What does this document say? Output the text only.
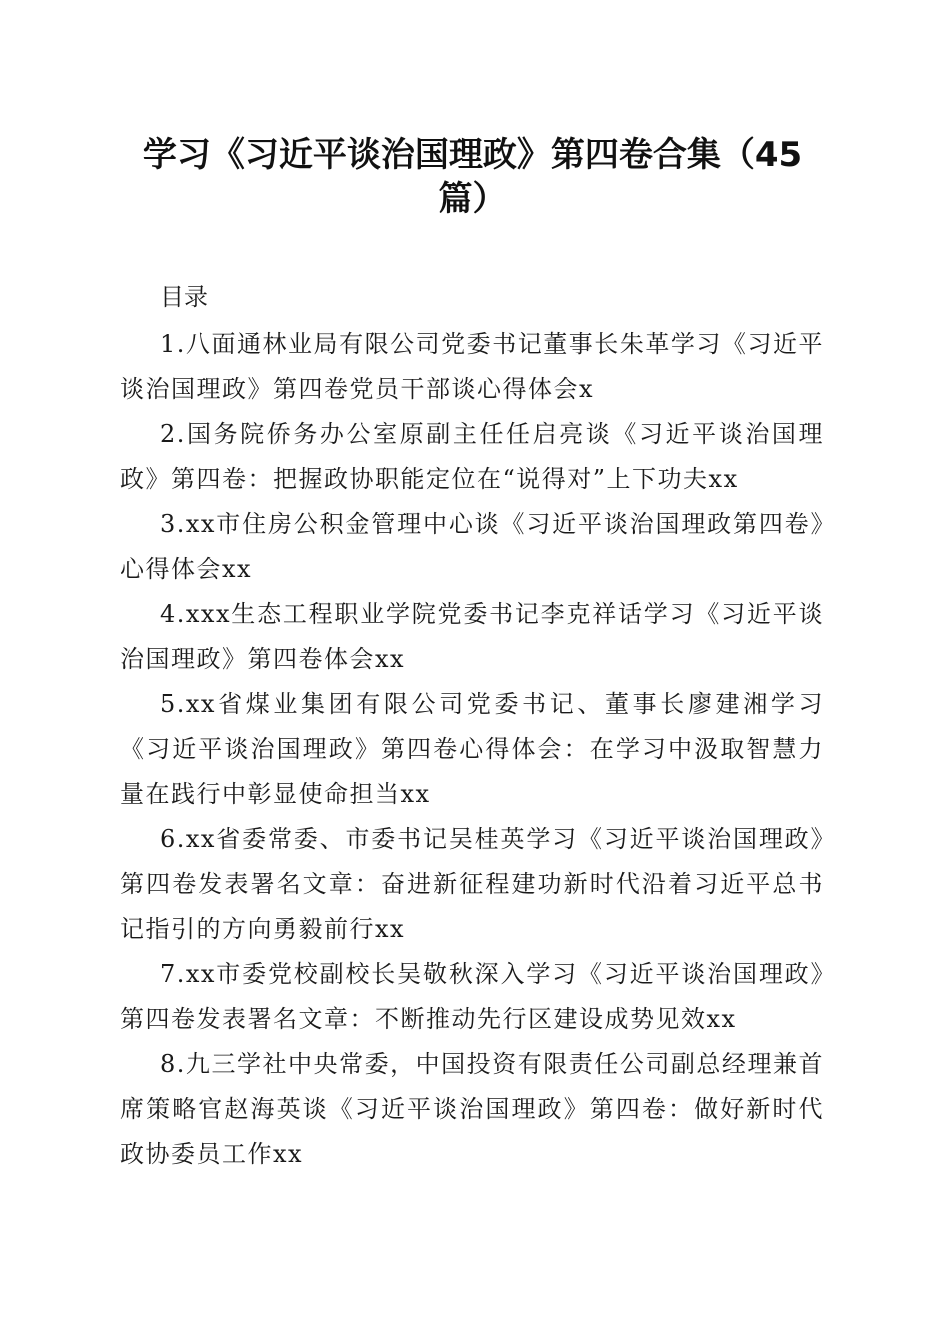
学习《习近平谈治国理政》第四卷合集（45篇）

目录

1.八面通林业局有限公司党委书记董事长朱革学习《习近平谈治国理政》第四卷党员干部谈心得体会x
2.国务院侨务办公室原副主任任启亮谈《习近平谈治国理政》第四卷：把握政协职能定位在“说得对”上下功夫xx
3.xx市住房公积金管理中心谈《习近平谈治国理政第四卷》心得体会xx
4.xxx生态工程职业学院党委书记李克祥话学习《习近平谈治国理政》第四卷体会xx
5.xx省煤业集团有限公司党委书记、董事长廖建湘学习《习近平谈治国理政》第四卷心得体会：在学习中汲取智慧力量在践行中彰显使命担当xx
6.xx省委常委、市委书记吴桂英学习《习近平谈治国理政》第四卷发表署名文章：奋进新征程建功新时代沿着习近平总书记指引的方向勇毅前行xx
7.xx市委党校副校长吴敬秋深入学习《习近平谈治国理政》第四卷发表署名文章：不断推动先行区建设成势见效xx
8.九三学社中央常委，中国投资有限责任公司副总经理兼首席策略官赵海英谈《习近平谈治国理政》第四卷：做好新时代政协委员工作xx
